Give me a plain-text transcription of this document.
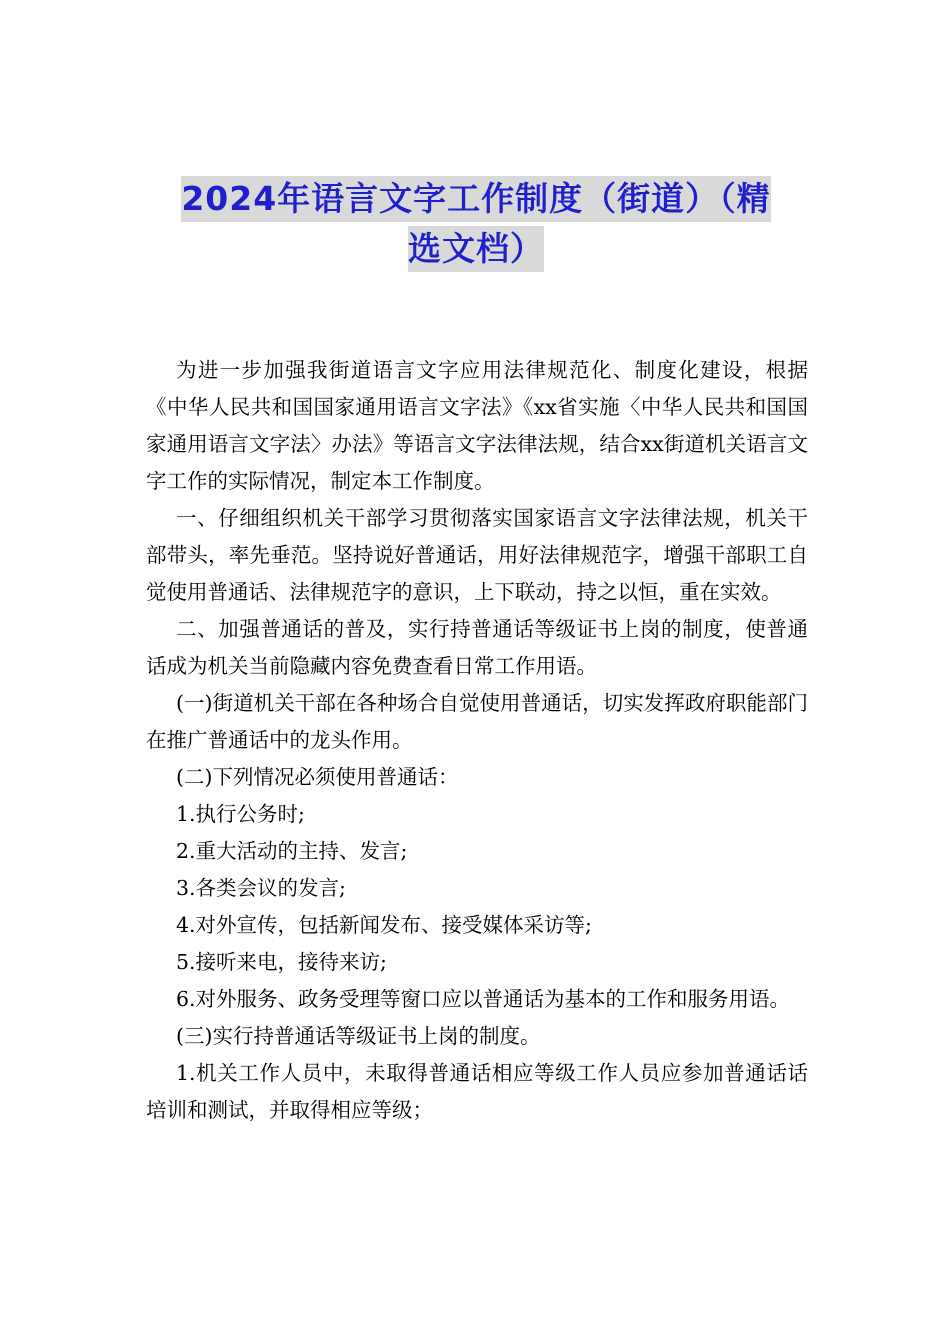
2024年语言文字工作制度（街道）（精
选文档）

为进一步加强我街道语言文字应用法律规范化、制度化建设，根据《中华人民共和国国家通用语言文字法》《xx省实施〈中华人民共和国国家通用语言文字法〉办法》等语言文字法律法规，结合xx街道机关语言文字工作的实际情况，制定本工作制度。

一、仔细组织机关干部学习贯彻落实国家语言文字法律法规，机关干部带头，率先垂范。坚持说好普通话，用好法律规范字，增强干部职工自觉使用普通话、法律规范字的意识，上下联动，持之以恒，重在实效。

二、加强普通话的普及，实行持普通话等级证书上岗的制度，使普通话成为机关当前隐藏内容免费查看日常工作用语。

(一)街道机关干部在各种场合自觉使用普通话，切实发挥政府职能部门在推广普通话中的龙头作用。

(二)下列情况必须使用普通话：

1.执行公务时;

2.重大活动的主持、发言;

3.各类会议的发言;

4.对外宣传，包括新闻发布、接受媒体采访等;

5.接听来电，接待来访;

6.对外服务、政务受理等窗口应以普通话为基本的工作和服务用语。

(三)实行持普通话等级证书上岗的制度。

1.机关工作人员中，未取得普通话相应等级工作人员应参加普通话话培训和测试，并取得相应等级；
